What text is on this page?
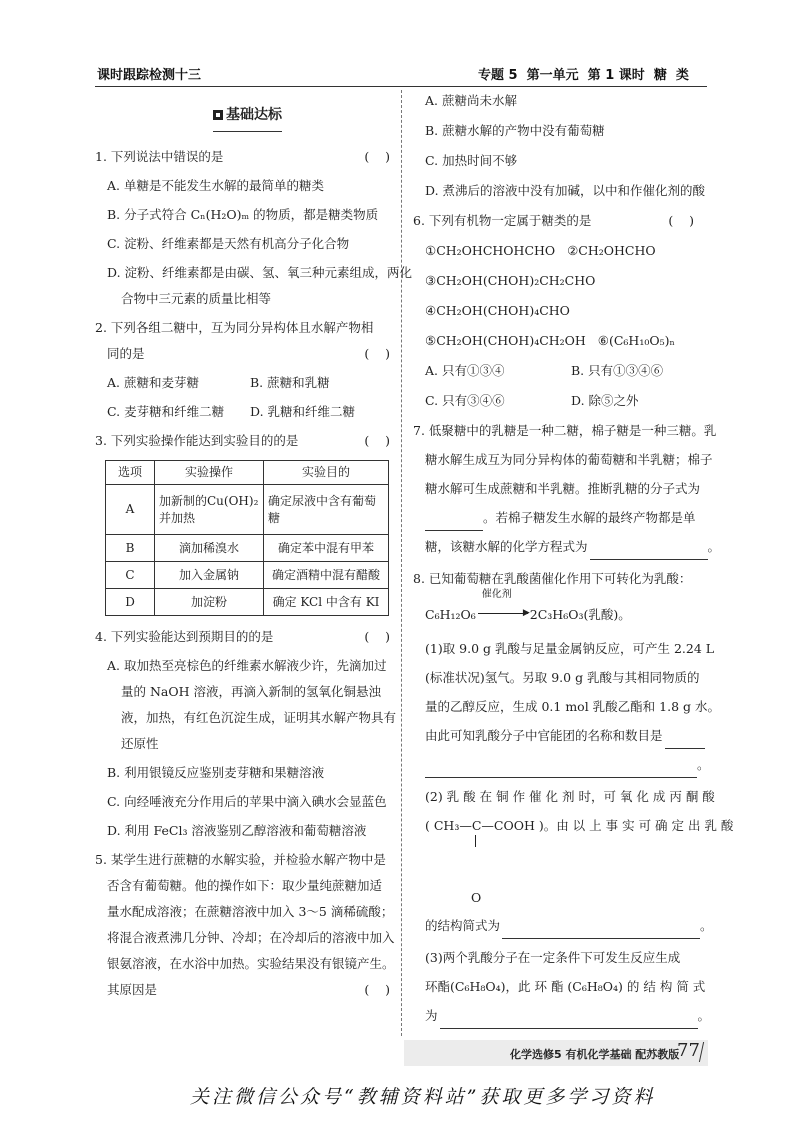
课时跟踪检测十三	专题 5  第一单元  第 1 课时  糖  类
基础达标
1. 下列说法中错误的是	(    )
A. 单糖是不能发生水解的最简单的糖类
B. 分子式符合 Cₙ(H₂O)ₘ 的物质，都是糖类物质
C. 淀粉、纤维素都是天然有机高分子化合物
D. 淀粉、纤维素都是由碳、氢、氧三种元素组成，两化
合物中三元素的质量比相等
2. 下列各组二糖中，互为同分异构体且水解产物相
同的是	(    )
A. 蔗糖和麦芽糖	B. 蔗糖和乳糖
C. 麦芽糖和纤维二糖	D. 乳糖和纤维二糖
3. 下列实验操作能达到实验目的的是	(    )
选项	实验操作	实验目的
A	加新制的Cu(OH)₂ 并加热	确定尿液中含有葡萄糖
B	滴加稀溴水	确定苯中混有甲苯
C	加入金属钠	确定酒精中混有醋酸
D	加淀粉	确定 KCl 中含有 KI
4. 下列实验能达到预期目的的是	(    )
A. 取加热至亮棕色的纤维素水解液少许，先滴加过
量的 NaOH 溶液，再滴入新制的氢氧化铜悬浊
液，加热，有红色沉淀生成，证明其水解产物具有
还原性
B. 利用银镜反应鉴别麦芽糖和果糖溶液
C. 向经唾液充分作用后的苹果中滴入碘水会显蓝色
D. 利用 FeCl₃ 溶液鉴别乙醇溶液和葡萄糖溶液
5. 某学生进行蔗糖的水解实验，并检验水解产物中是
否含有葡萄糖。他的操作如下：取少量纯蔗糖加适
量水配成溶液；在蔗糖溶液中加入 3～5 滴稀硫酸；
将混合液煮沸几分钟、冷却；在冷却后的溶液中加入
银氨溶液，在水浴中加热。实验结果没有银镜产生。
其原因是	(    )
A. 蔗糖尚未水解
B. 蔗糖水解的产物中没有葡萄糖
C. 加热时间不够
D. 煮沸后的溶液中没有加碱，以中和作催化剂的酸
6. 下列有机物一定属于糖类的是	(    )
①CH₂OHCHOHCHO   ②CH₂OHCHO
③CH₂OH(CHOH)₂CH₂CHO
④CH₂OH(CHOH)₄CHO
⑤CH₂OH(CHOH)₄CH₂OH   ⑥(C₆H₁₀O₅)ₙ
A. 只有①③④	B. 只有①③④⑥
C. 只有③④⑥	D. 除⑤之外
7. 低聚糖中的乳糖是一种二糖，棉子糖是一种三糖。乳
糖水解生成互为同分异构体的葡萄糖和半乳糖；棉子
糖水解可生成蔗糖和半乳糖。推断乳糖的分子式为
。若棉子糖发生水解的最终产物都是单
糖，该糖水解的化学方程式为	。
8. 已知葡萄糖在乳酸菌催化作用下可转化为乳酸：
C₆H₁₂O₆
催化剂
▶ 2C₃H₆O₃(乳酸)。
(1)取 9.0 g 乳酸与足量金属钠反应，可产生 2.24 L
(标准状况)氢气。另取 9.0 g 乳酸与其相同物质的
量的乙醇反应，生成 0.1 mol 乳酸乙酯和 1.8 g 水。
由此可知乳酸分子中官能团的名称和数目是
。
(2) 乳 酸 在 铜 作 催 化 剂 时，可 氧 化 成 丙 酮 酸
( CH₃—C—COOH )。由 以 上 事 实 可 确 定 出 乳 酸

O
的结构简式为	。
(3)两个乳酸分子在一定条件下可发生反应生成
环酯(C₆H₈O₄)，此 环 酯 (C₆H₈O₄) 的 结 构 简 式
为	。
化学选修5 有机化学基础 配苏教版
77
关注微信公众号“教辅资料站”获取更多学习资料
